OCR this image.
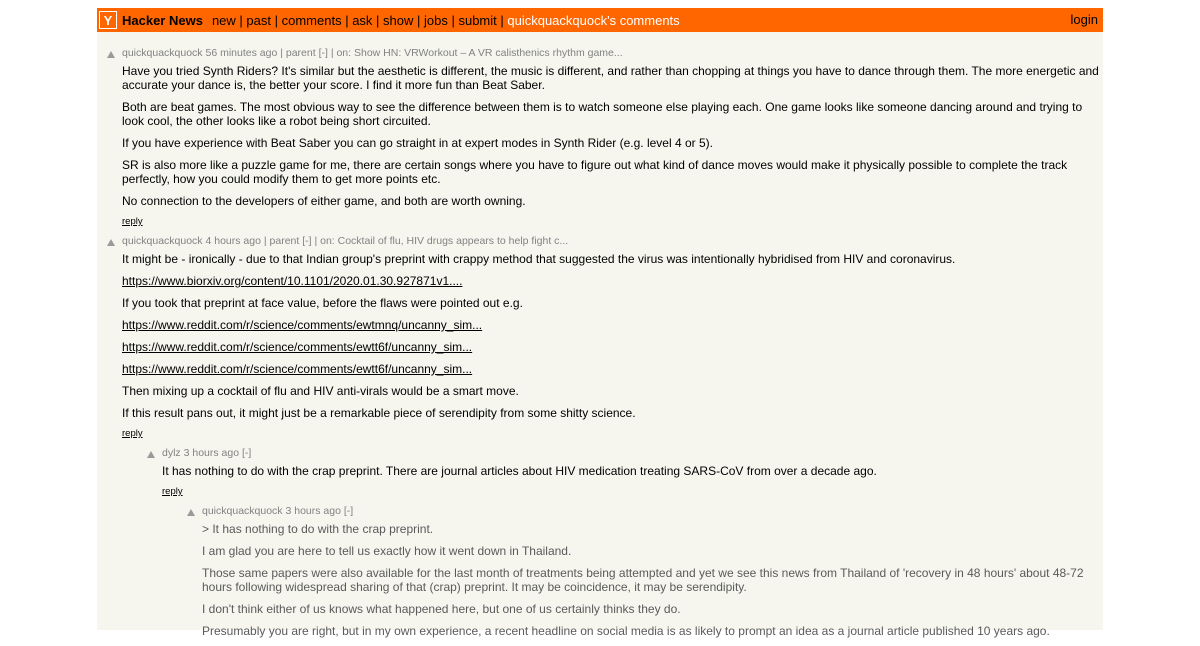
Y Hacker News new | past | comments | ask | show | jobs | submit | quickquackquock's comments	login
quickquackquock 56 minutes ago | parent [-] | on: Show HN: VRWorkout – A VR calisthenics rhythm game...

Have you tried Synth Riders? It's similar but the aesthetic is different, the music is different, and rather than chopping at things you have to dance through them. The more energetic and accurate your dance is, the better your score. I find it more fun than Beat Saber.

Both are beat games. The most obvious way to see the difference between them is to watch someone else playing each. One game looks like someone dancing around and trying to look cool, the other looks like a robot being short circuited.

If you have experience with Beat Saber you can go straight in at expert modes in Synth Rider (e.g. level 4 or 5).

SR is also more like a puzzle game for me, there are certain songs where you have to figure out what kind of dance moves would make it physically possible to complete the track perfectly, how you could modify them to get more points etc.

No connection to the developers of either game, and both are worth owning.

reply
quickquackquock 4 hours ago | parent [-] | on: Cocktail of flu, HIV drugs appears to help fight c...

It might be - ironically - due to that Indian group's preprint with crappy method that suggested the virus was intentionally hybridised from HIV and coronavirus.

https://www.biorxiv.org/content/10.1101/2020.01.30.927871v1....

If you took that preprint at face value, before the flaws were pointed out e.g.

https://www.reddit.com/r/science/comments/ewtmnq/uncanny_sim...

https://www.reddit.com/r/science/comments/ewtt6f/uncanny_sim...

https://www.reddit.com/r/science/comments/ewtt6f/uncanny_sim...

Then mixing up a cocktail of flu and HIV anti-virals would be a smart move.

If this result pans out, it might just be a remarkable piece of serendipity from some shitty science.

reply
dylz 3 hours ago [-]

It has nothing to do with the crap preprint. There are journal articles about HIV medication treating SARS-CoV from over a decade ago.

reply
quickquackquock 3 hours ago [-]

> It has nothing to do with the crap preprint.

I am glad you are here to tell us exactly how it went down in Thailand.

Those same papers were also available for the last month of treatments being attempted and yet we see this news from Thailand of 'recovery in 48 hours' about 48-72 hours following widespread sharing of that (crap) preprint. It may be coincidence, it may be serendipity.

I don't think either of us knows what happened here, but one of us certainly thinks they do.

Presumably you are right, but in my own experience, a recent headline on social media is as likely to prompt an idea as a journal article published 10 years ago.
